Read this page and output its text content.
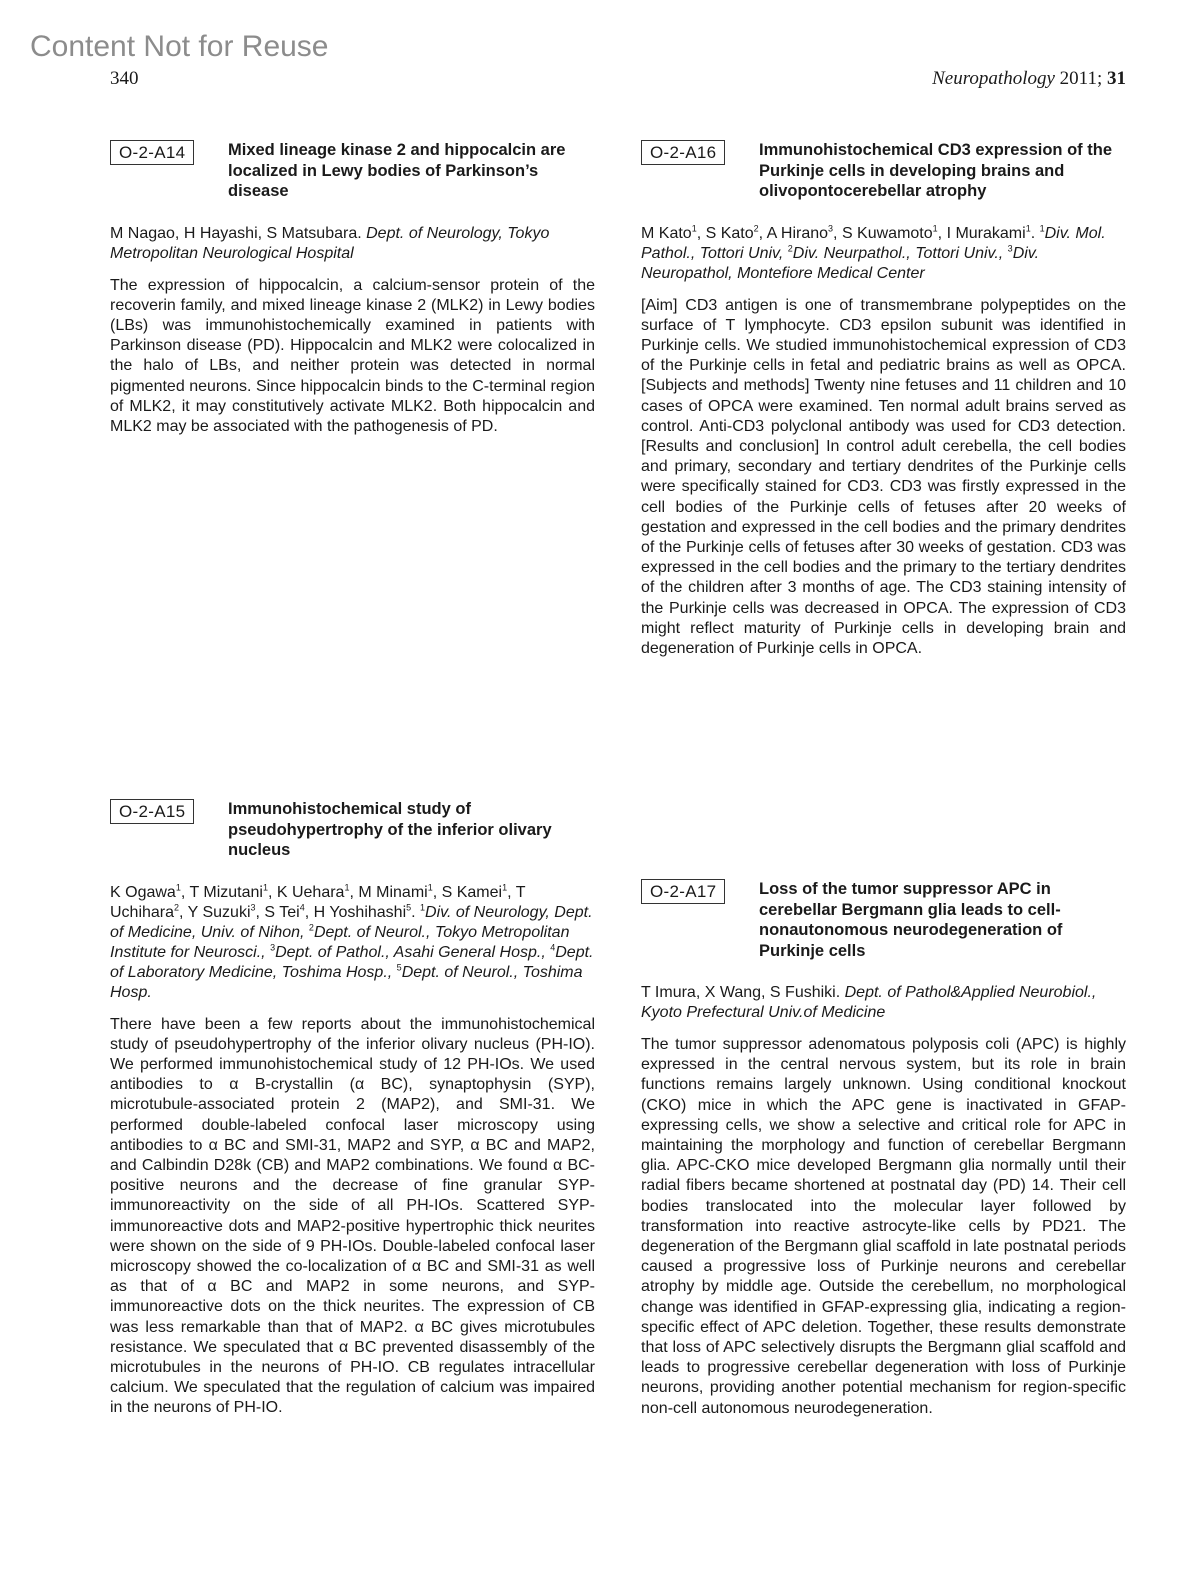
Content Not for Reuse
340	Neuropathology 2011; 31
O-2-A14	Mixed lineage kinase 2 and hippocalcin are localized in Lewy bodies of Parkinson’s disease
M Nagao, H Hayashi, S Matsubara. Dept. of Neurology, Tokyo Metropolitan Neurological Hospital
The expression of hippocalcin, a calcium-sensor protein of the recoverin family, and mixed lineage kinase 2 (MLK2) in Lewy bodies (LBs) was immunohistochemically examined in patients with Parkinson disease (PD). Hippocalcin and MLK2 were colocalized in the halo of LBs, and neither protein was detected in normal pigmented neurons. Since hippocalcin binds to the C-terminal region of MLK2, it may constitutively activate MLK2. Both hippocalcin and MLK2 may be associated with the pathogenesis of PD.
O-2-A16	Immunohistochemical CD3 expression of the Purkinje cells in developing brains and olivopontocerebellar atrophy
M Kato$^1$, S Kato$^2$, A Hirano$^3$, S Kuwamoto$^1$, I Murakami$^1$. $^1$Div. Mol. Pathol., Tottori Univ, $^2$Div. Neurpathol., Tottori Univ., $^3$Div. Neuropathol, Montefiore Medical Center
[Aim] CD3 antigen is one of transmembrane polypeptides on the surface of T lymphocyte. CD3 epsilon subunit was identified in Purkinje cells. We studied immunohistochemical expression of CD3 of the Purkinje cells in fetal and pediatric brains as well as OPCA. [Subjects and methods] Twenty nine fetuses and 11 children and 10 cases of OPCA were examined. Ten normal adult brains served as control. Anti-CD3 polyclonal antibody was used for CD3 detection. [Results and conclusion] In control adult cerebella, the cell bodies and primary, secondary and tertiary dendrites of the Purkinje cells were specifically stained for CD3. CD3 was firstly expressed in the cell bodies of the Purkinje cells of fetuses after 20 weeks of gestation and expressed in the cell bodies and the primary dendrites of the Purkinje cells of fetuses after 30 weeks of gestation. CD3 was expressed in the cell bodies and the primary to the tertiary dendrites of the children after 3 months of age. The CD3 staining intensity of the Purkinje cells was decreased in OPCA. The expression of CD3 might reflect maturity of Purkinje cells in developing brain and degeneration of Purkinje cells in OPCA.
O-2-A15	Immunohistochemical study of pseudohypertrophy of the inferior olivary nucleus
K Ogawa$^1$, T Mizutani$^1$, K Uehara$^1$, M Minami$^1$, S Kamei$^1$, T Uchihara$^2$, Y Suzuki$^3$, S Tei$^4$, H Yoshihashi$^5$. $^1$Div. of Neurology, Dept. of Medicine, Univ. of Nihon, $^2$Dept. of Neurol., Tokyo Metropolitan Institute for Neurosci., $^3$Dept. of Pathol., Asahi General Hosp., $^4$Dept. of Laboratory Medicine, Toshima Hosp., $^5$Dept. of Neurol., Toshima Hosp.
There have been a few reports about the immunohistochemical study of pseudohypertrophy of the inferior olivary nucleus (PH-IO). We performed immunohistochemical study of 12 PH-IOs. We used antibodies to α B-crystallin (α BC), synaptophysin (SYP), microtubule-associated protein 2 (MAP2), and SMI-31. We performed double-labeled confocal laser microscopy using antibodies to α BC and SMI-31, MAP2 and SYP, α BC and MAP2, and Calbindin D28k (CB) and MAP2 combinations. We found α BC-positive neurons and the decrease of fine granular SYP-immunoreactivity on the side of all PH-IOs. Scattered SYP-immunoreactive dots and MAP2-positive hypertrophic thick neurites were shown on the side of 9 PH-IOs. Double-labeled confocal laser microscopy showed the co-localization of α BC and SMI-31 as well as that of α BC and MAP2 in some neurons, and SYP-immunoreactive dots on the thick neurites. The expression of CB was less remarkable than that of MAP2. α BC gives microtubules resistance. We speculated that α BC prevented disassembly of the microtubules in the neurons of PH-IO. CB regulates intracellular calcium. We speculated that the regulation of calcium was impaired in the neurons of PH-IO.
O-2-A17	Loss of the tumor suppressor APC in cerebellar Bergmann glia leads to cell-nonautonomous neurodegeneration of Purkinje cells
T Imura, X Wang, S Fushiki. Dept. of Pathol&Applied Neurobiol., Kyoto Prefectural Univ.of Medicine
The tumor suppressor adenomatous polyposis coli (APC) is highly expressed in the central nervous system, but its role in brain functions remains largely unknown. Using conditional knockout (CKO) mice in which the APC gene is inactivated in GFAP-expressing cells, we show a selective and critical role for APC in maintaining the morphology and function of cerebellar Bergmann glia. APC-CKO mice developed Bergmann glia normally until their radial fibers became shortened at postnatal day (PD) 14. Their cell bodies translocated into the molecular layer followed by transformation into reactive astrocyte-like cells by PD21. The degeneration of the Bergmann glial scaffold in late postnatal periods caused a progressive loss of Purkinje neurons and cerebellar atrophy by middle age. Outside the cerebellum, no morphological change was identified in GFAP-expressing glia, indicating a region-specific effect of APC deletion. Together, these results demonstrate that loss of APC selectively disrupts the Bergmann glial scaffold and leads to progressive cerebellar degeneration with loss of Purkinje neurons, providing another potential mechanism for region-specific non-cell autonomous neurodegeneration.
